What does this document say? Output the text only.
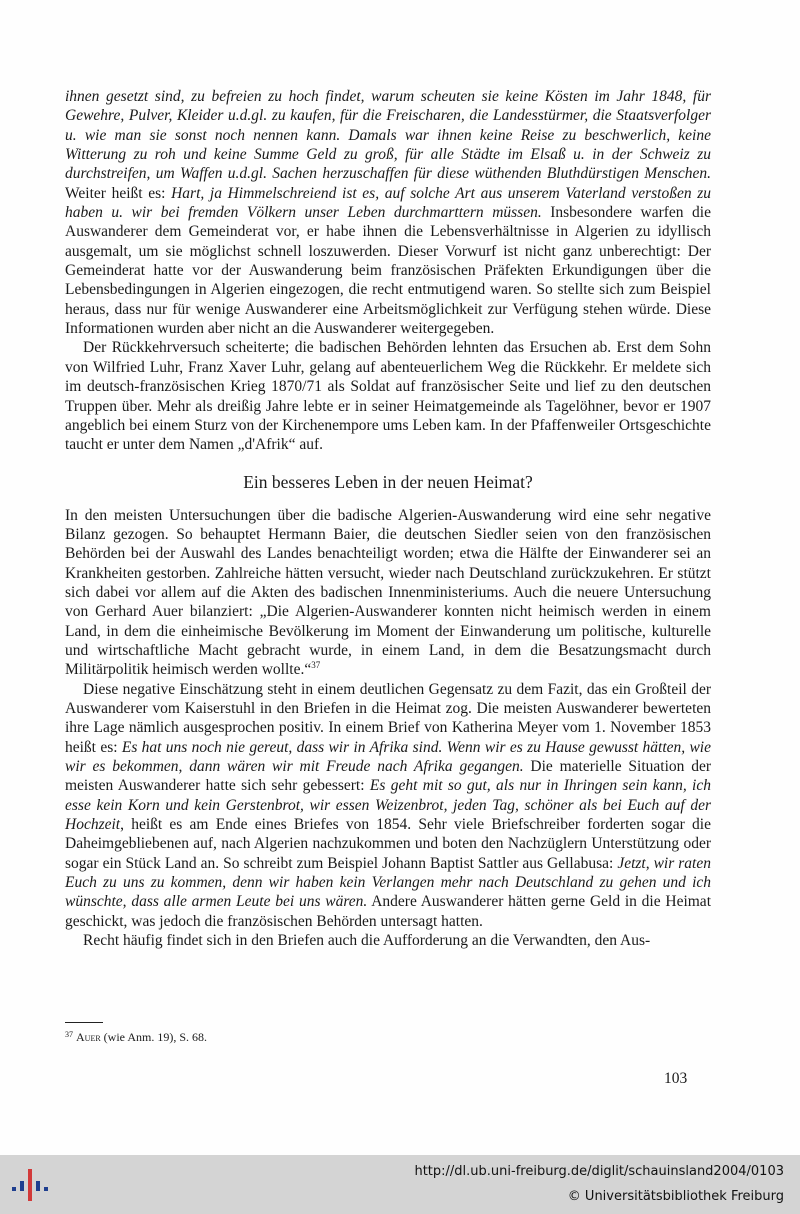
ihnen gesetzt sind, zu befreien zu hoch findet, warum scheuten sie keine Kösten im Jahr 1848, für Gewehre, Pulver, Kleider u.d.gl. zu kaufen, für die Freischaren, die Landesstürmer, die Staatsverfolger u. wie man sie sonst noch nennen kann. Damals war ihnen keine Reise zu beschwerlich, keine Witterung zu roh und keine Summe Geld zu groß, für alle Städte im Elsaß u. in der Schweiz zu durchstreifen, um Waffen u.d.gl. Sachen herzuschaffen für diese wüthenden Bluthdürstigen Menschen. Weiter heißt es: Hart, ja Himmelschreiend ist es, auf solche Art aus unserem Vaterland verstoßen zu haben u. wir bei fremden Völkern unser Leben durchmarttern müssen. Insbesondere warfen die Auswanderer dem Gemeinderat vor, er habe ihnen die Lebensverhältnisse in Algerien zu idyllisch ausgemalt, um sie möglichst schnell loszuwerden. Dieser Vorwurf ist nicht ganz unberechtigt: Der Gemeinderat hatte vor der Auswanderung beim französischen Präfekten Erkundigungen über die Lebensbedingungen in Algerien eingezogen, die recht entmutigend waren. So stellte sich zum Beispiel heraus, dass nur für wenige Auswanderer eine Arbeitsmöglichkeit zur Verfügung stehen würde. Diese Informationen wurden aber nicht an die Auswanderer weitergegeben.

Der Rückkehrversuch scheiterte; die badischen Behörden lehnten das Ersuchen ab. Erst dem Sohn von Wilfried Luhr, Franz Xaver Luhr, gelang auf abenteuerlichem Weg die Rückkehr. Er meldete sich im deutsch-französischen Krieg 1870/71 als Soldat auf französischer Seite und lief zu den deutschen Truppen über. Mehr als dreißig Jahre lebte er in seiner Heimatgemeinde als Tagelöhner, bevor er 1907 angeblich bei einem Sturz von der Kirchenempore ums Leben kam. In der Pfaffenweiler Ortsgeschichte taucht er unter dem Namen „d'Afrik“ auf.

Ein besseres Leben in der neuen Heimat?

In den meisten Untersuchungen über die badische Algerien-Auswanderung wird eine sehr negative Bilanz gezogen. So behauptet Hermann Baier, die deutschen Siedler seien von den französischen Behörden bei der Auswahl des Landes benachteiligt worden; etwa die Hälfte der Einwanderer sei an Krankheiten gestorben. Zahlreiche hätten versucht, wieder nach Deutschland zurückzukehren. Er stützt sich dabei vor allem auf die Akten des badischen Innenministeriums. Auch die neuere Untersuchung von Gerhard Auer bilanziert: „Die Algerien-Auswanderer konnten nicht heimisch werden in einem Land, in dem die einheimische Bevölkerung im Moment der Einwanderung um politische, kulturelle und wirtschaftliche Macht gebracht wurde, in einem Land, in dem die Besatzungsmacht durch Militärpolitik heimisch werden wollte.“$^{37}$

Diese negative Einschätzung steht in einem deutlichen Gegensatz zu dem Fazit, das ein Großteil der Auswanderer vom Kaiserstuhl in den Briefen in die Heimat zog. Die meisten Auswanderer bewerteten ihre Lage nämlich ausgesprochen positiv. In einem Brief von Katherina Meyer vom 1. November 1853 heißt es: Es hat uns noch nie gereut, dass wir in Afrika sind. Wenn wir es zu Hause gewusst hätten, wie wir es bekommen, dann wären wir mit Freude nach Afrika gegangen. Die materielle Situation der meisten Auswanderer hatte sich sehr gebessert: Es geht mit so gut, als nur in Ihringen sein kann, ich esse kein Korn und kein Gerstenbrot, wir essen Weizenbrot, jeden Tag, schöner als bei Euch auf der Hochzeit, heißt es am Ende eines Briefes von 1854. Sehr viele Briefschreiber forderten sogar die Daheimgebliebenen auf, nach Algerien nachzukommen und boten den Nachzüglern Unterstützung oder sogar ein Stück Land an. So schreibt zum Beispiel Johann Baptist Sattler aus Gellabusa: Jetzt, wir raten Euch zu uns zu kommen, denn wir haben kein Verlangen mehr nach Deutschland zu gehen und ich wünschte, dass alle armen Leute bei uns wären. Andere Auswanderer hätten gerne Geld in die Heimat geschickt, was jedoch die französischen Behörden untersagt hatten.

Recht häufig findet sich in den Briefen auch die Aufforderung an die Verwandten, den Aus-

$^{37}$ Auer (wie Anm. 19), S. 68.
103
http://dl.ub.uni-freiburg.de/diglit/schauinsland2004/0103
© Universitätsbibliothek Freiburg
